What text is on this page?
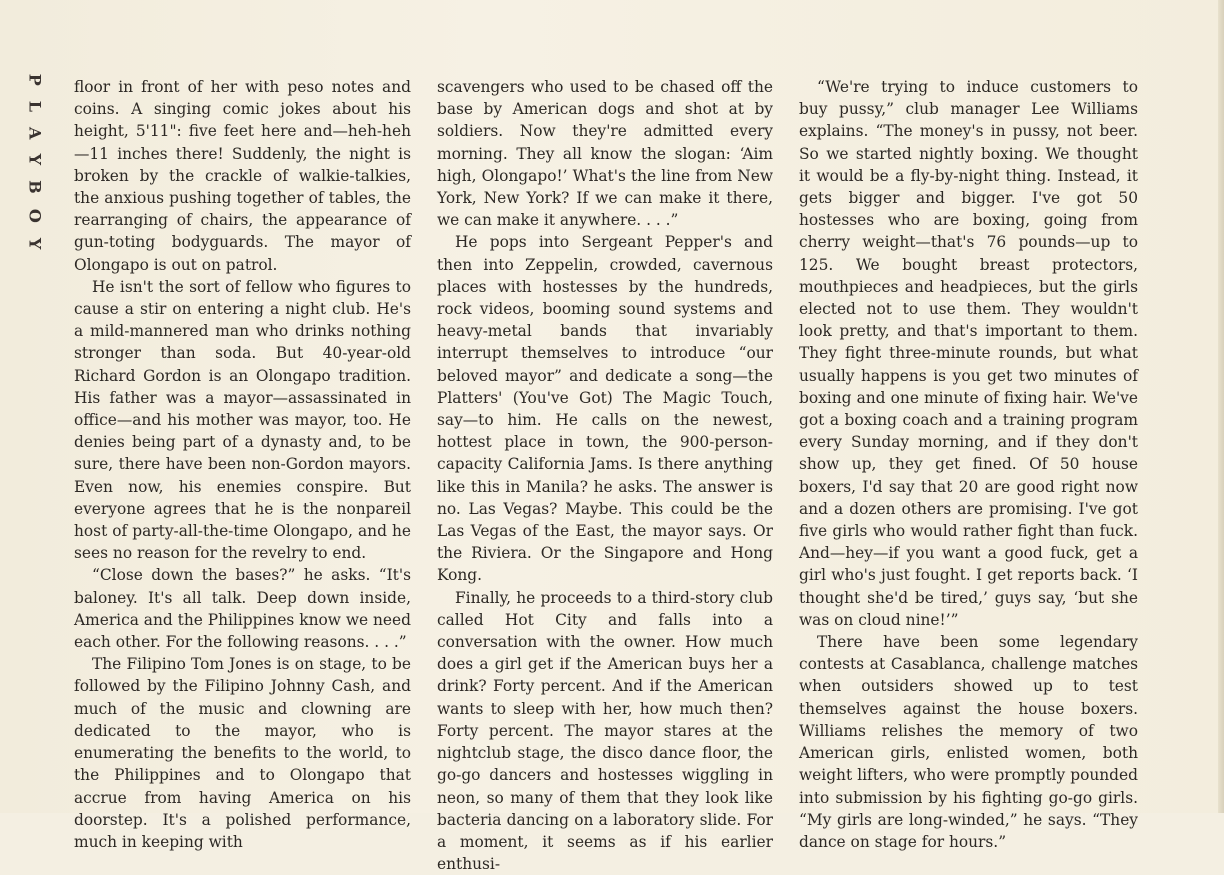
PLAYBOY floor in front of her with peso notes and coins. A singing comic jokes about his height, 5'11": five feet here and—heh-heh—11 inches there! Suddenly, the night is broken by the crackle of walkie-talkies, the anxious pushing together of tables, the rearranging of chairs, the appearance of gun-toting bodyguards. The mayor of Olongapo is out on patrol.

He isn't the sort of fellow who figures to cause a stir on entering a night club. He's a mild-mannered man who drinks nothing stronger than soda. But 40-year-old Richard Gordon is an Olongapo tradition. His father was a mayor—assassinated in office—and his mother was mayor, too. He denies being part of a dynasty and, to be sure, there have been non-Gordon mayors. Even now, his enemies conspire. But everyone agrees that he is the nonpareil host of party-all-the-time Olongapo, and he sees no reason for the revelry to end.

“Close down the bases?” he asks. “It's baloney. It's all talk. Deep down inside, America and the Philippines know we need each other. For the following reasons. . . .”

The Filipino Tom Jones is on stage, to be followed by the Filipino Johnny Cash, and much of the music and clowning are dedicated to the mayor, who is enumerating the benefits to the world, to the Philippines and to Olongapo that accrue from having America on his doorstep. It's a polished performance, much in keeping with

scavengers who used to be chased off the base by American dogs and shot at by soldiers. Now they're admitted every morning. They all know the slogan: ‘Aim high, Olongapo!’ What's the line from New York, New York? If we can make it there, we can make it anywhere. . . .”

He pops into Sergeant Pepper's and then into Zeppelin, crowded, cavernous places with hostesses by the hundreds, rock videos, booming sound systems and heavy-metal bands that invariably interrupt themselves to introduce “our beloved mayor” and dedicate a song—the Platters' (You've Got) The Magic Touch, say—to him. He calls on the newest, hottest place in town, the 900-person-capacity California Jams. Is there anything like this in Manila? he asks. The answer is no. Las Vegas? Maybe. This could be the Las Vegas of the East, the mayor says. Or the Riviera. Or the Singapore and Hong Kong.

Finally, he proceeds to a third-story club called Hot City and falls into a conversation with the owner. How much does a girl get if the American buys her a drink? Forty percent. And if the American wants to sleep with her, how much then? Forty percent. The mayor stares at the nightclub stage, the disco dance floor, the go-go dancers and hostesses wiggling in neon, so many of them that they look like bacteria dancing on a laboratory slide. For a moment, it seems as if his earlier enthusi-

“We're trying to induce customers to buy pussy,” club manager Lee Williams explains. “The money's in pussy, not beer. So we started nightly boxing. We thought it would be a fly-by-night thing. Instead, it gets bigger and bigger. I've got 50 hostesses who are boxing, going from cherry weight—that's 76 pounds—up to 125. We bought breast protectors, mouthpieces and headpieces, but the girls elected not to use them. They wouldn't look pretty, and that's important to them. They fight three-minute rounds, but what usually happens is you get two minutes of boxing and one minute of fixing hair. We've got a boxing coach and a training program every Sunday morning, and if they don't show up, they get fined. Of 50 house boxers, I'd say that 20 are good right now and a dozen others are promising. I've got five girls who would rather fight than fuck. And—hey—if you want a good fuck, get a girl who's just fought. I get reports back. ‘I thought she'd be tired,’ guys say, ‘but she was on cloud nine!’”

There have been some legendary contests at Casablanca, challenge matches when outsiders showed up to test themselves against the house boxers. Williams relishes the memory of two American girls, enlisted women, both weight lifters, who were promptly pounded into submission by his fighting go-go girls. “My girls are long-winded,” he says. “They dance on stage for hours.”
